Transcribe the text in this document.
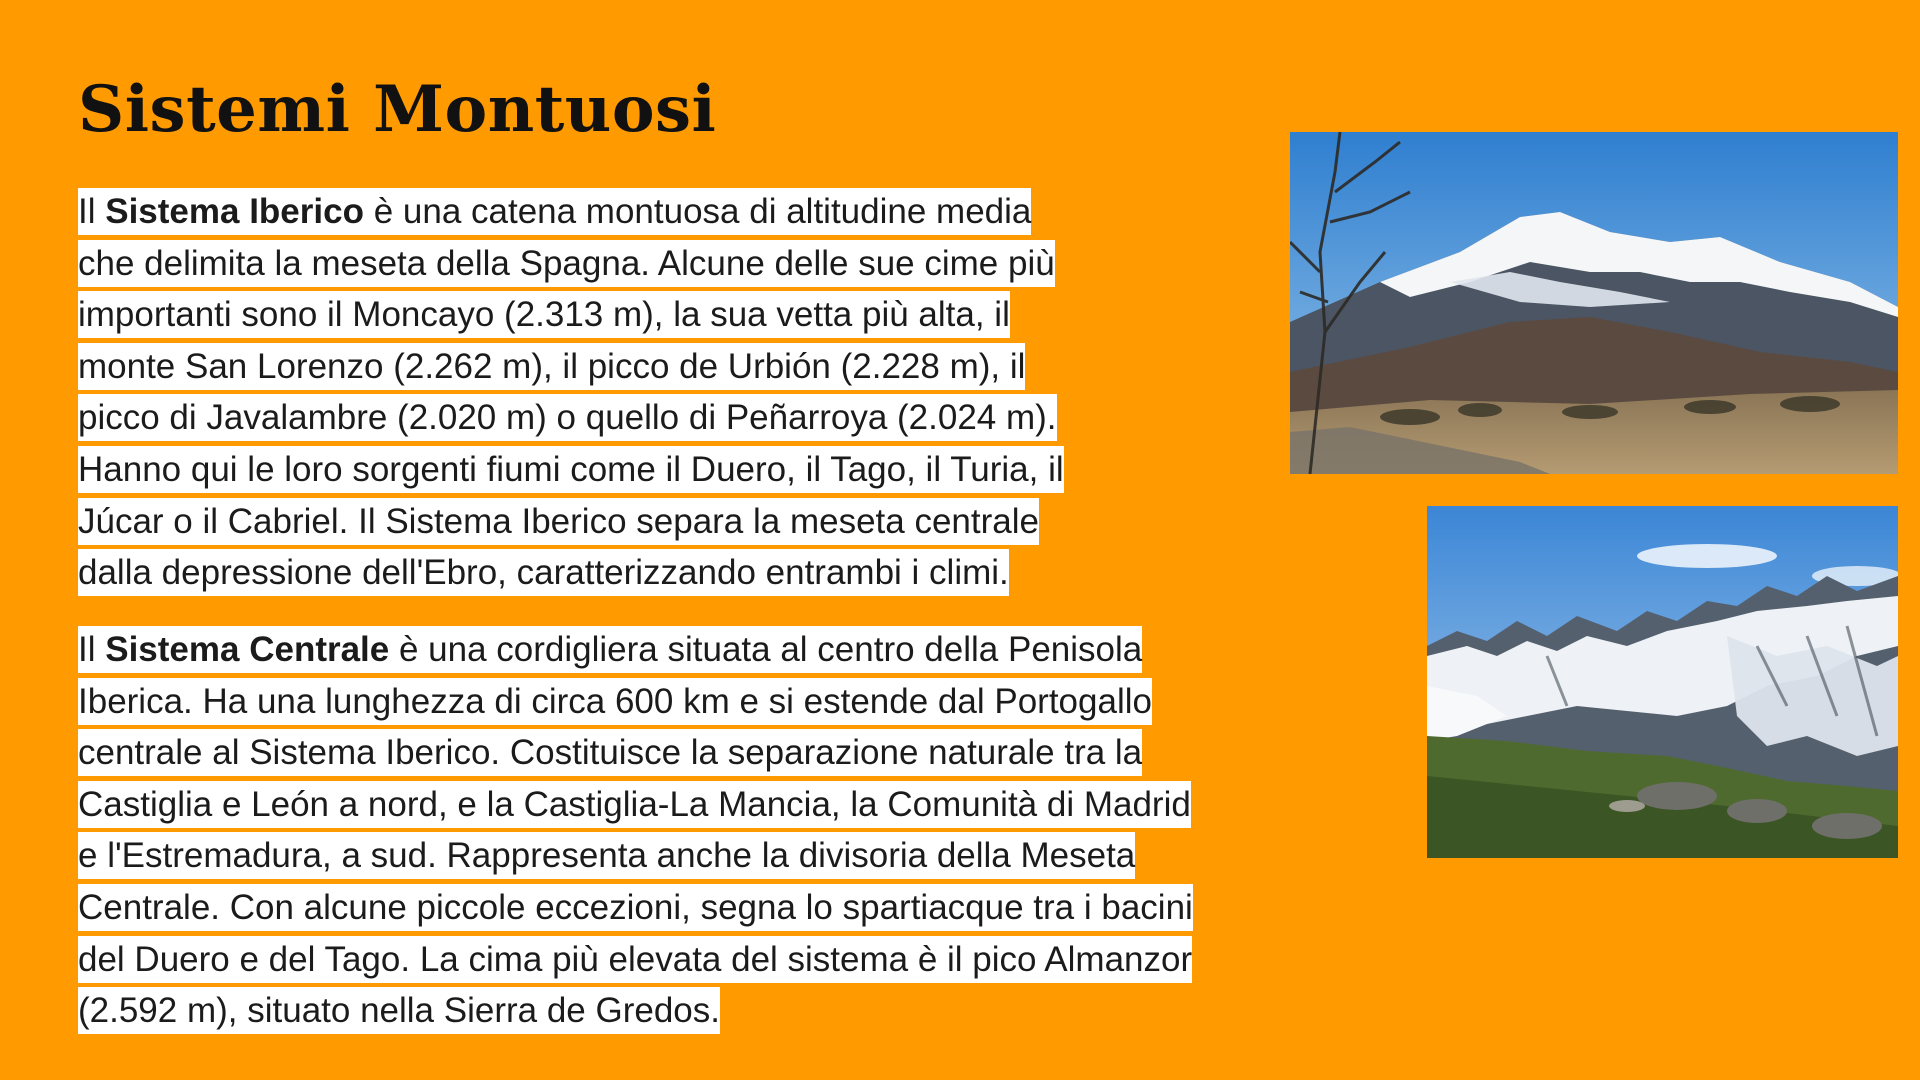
Sistemi Montuosi
Il Sistema Iberico è una catena montuosa di altitudine media
che delimita la meseta della Spagna. Alcune delle sue cime più
importanti sono il Moncayo (2.313 m), la sua vetta più alta, il
monte San Lorenzo (2.262 m), il picco de Urbión (2.228 m), il
picco di Javalambre (2.020 m) o quello di Peñarroya (2.024 m).
Hanno qui le loro sorgenti fiumi come il Duero, il Tago, il Turia, il
Júcar o il Cabriel. Il Sistema Iberico separa la meseta centrale
dalla depressione dell'Ebro, caratterizzando entrambi i climi.
Il Sistema Centrale è una cordigliera situata al centro della Penisola
Iberica. Ha una lunghezza di circa 600 km e si estende dal Portogallo
centrale al Sistema Iberico. Costituisce la separazione naturale tra la
Castiglia e León a nord, e la Castiglia-La Mancia, la Comunità di Madrid
e l'Estremadura, a sud. Rappresenta anche la divisoria della Meseta
Centrale. Con alcune piccole eccezioni, segna lo spartiacque tra i bacini
del Duero e del Tago. La cima più elevata del sistema è il pico Almanzor
(2.592 m), situato nella Sierra de Gredos.
